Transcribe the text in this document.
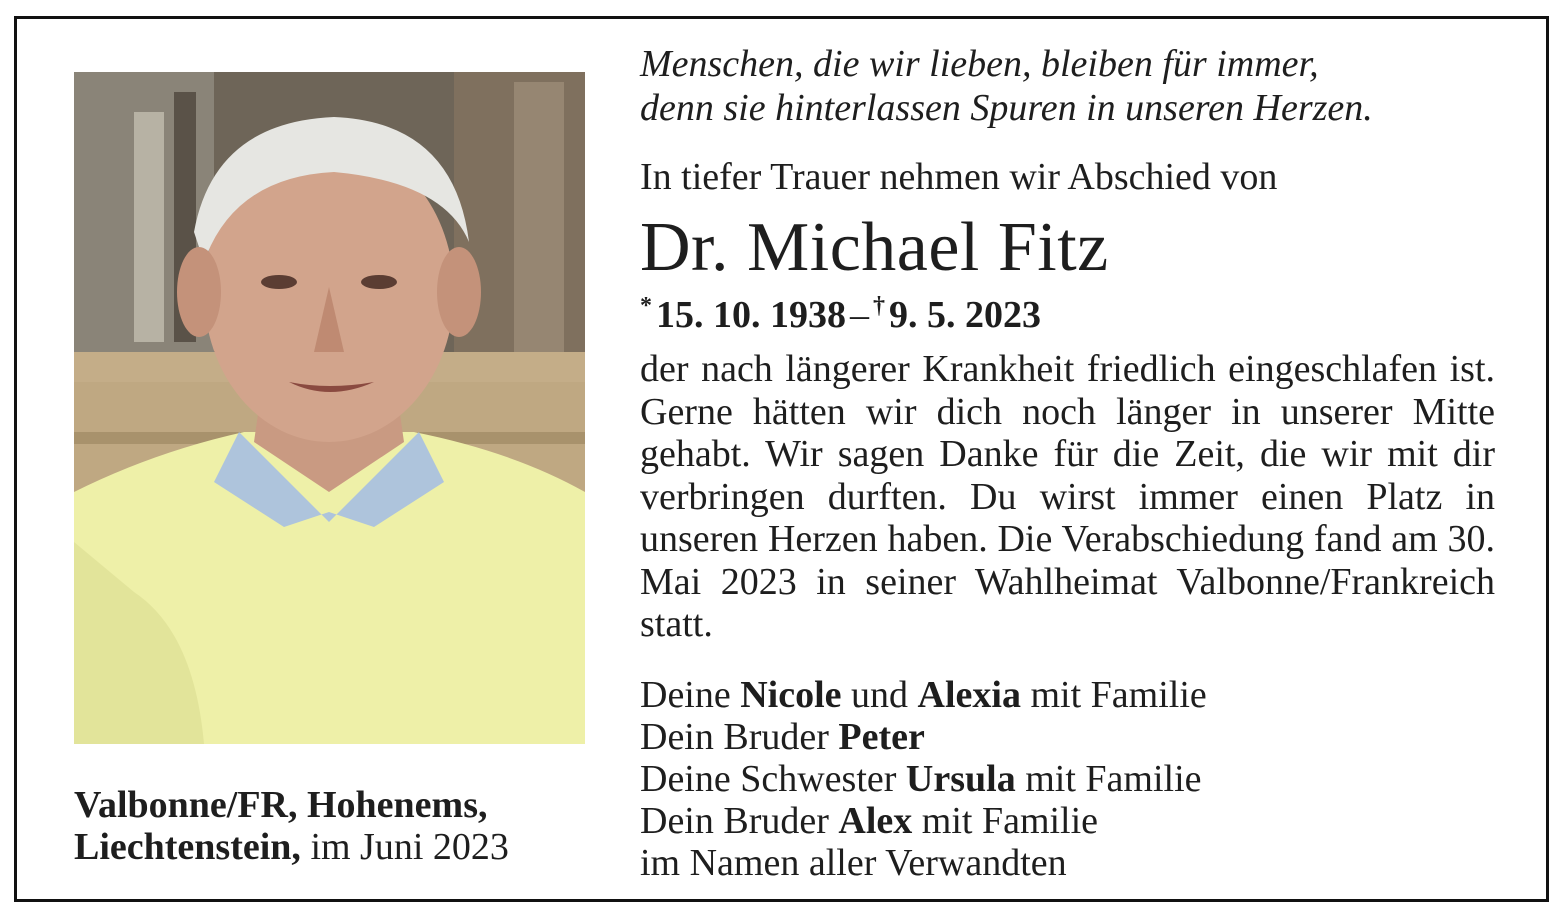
Valbonne/FR, Hohenems,
Liechtenstein, im Juni 2023
Menschen, die wir lieben, bleiben für immer,
denn sie hinterlassen Spuren in unseren Herzen.
In tiefer Trauer nehmen wir Abschied von
Dr. Michael Fitz
* 15. 10. 1938 – † 9. 5. 2023
der nach längerer Krankheit friedlich eingeschlafen ist. Gerne hätten wir dich noch länger in unserer Mitte gehabt. Wir sagen Danke für die Zeit, die wir mit dir verbringen durften. Du wirst immer einen Platz in unseren Herzen haben. Die Verabschiedung fand am 30. Mai 2023 in seiner Wahlheimat Valbonne/Frankreich statt.
Deine Nicole und Alexia mit Familie
Dein Bruder Peter
Deine Schwester Ursula mit Familie
Dein Bruder Alex mit Familie
im Namen aller Verwandten
